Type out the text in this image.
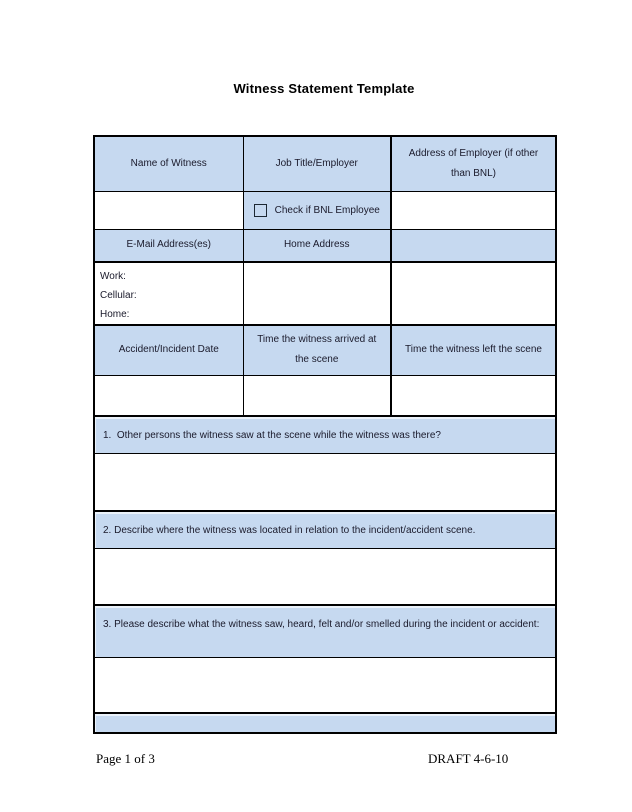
Witness Statement Template
Name of Witness	Job Title/Employer	Address of Employer (if other than BNL)

	Check if BNL Employee	

E-Mail Address(es)	Home Address	

Work:
Cellular:
Home:		

Accident/Incident Date	Time the witness arrived at the scene	Time the witness left the scene

1.  Other persons the witness saw at the scene while the witness was there?		

2. Describe where the witness was located in relation to the incident/accident scene.		

3. Please describe what the witness saw, heard, felt and/or smelled during the incident or accident:		

Page 1 of 3	DRAFT 4-6-10
